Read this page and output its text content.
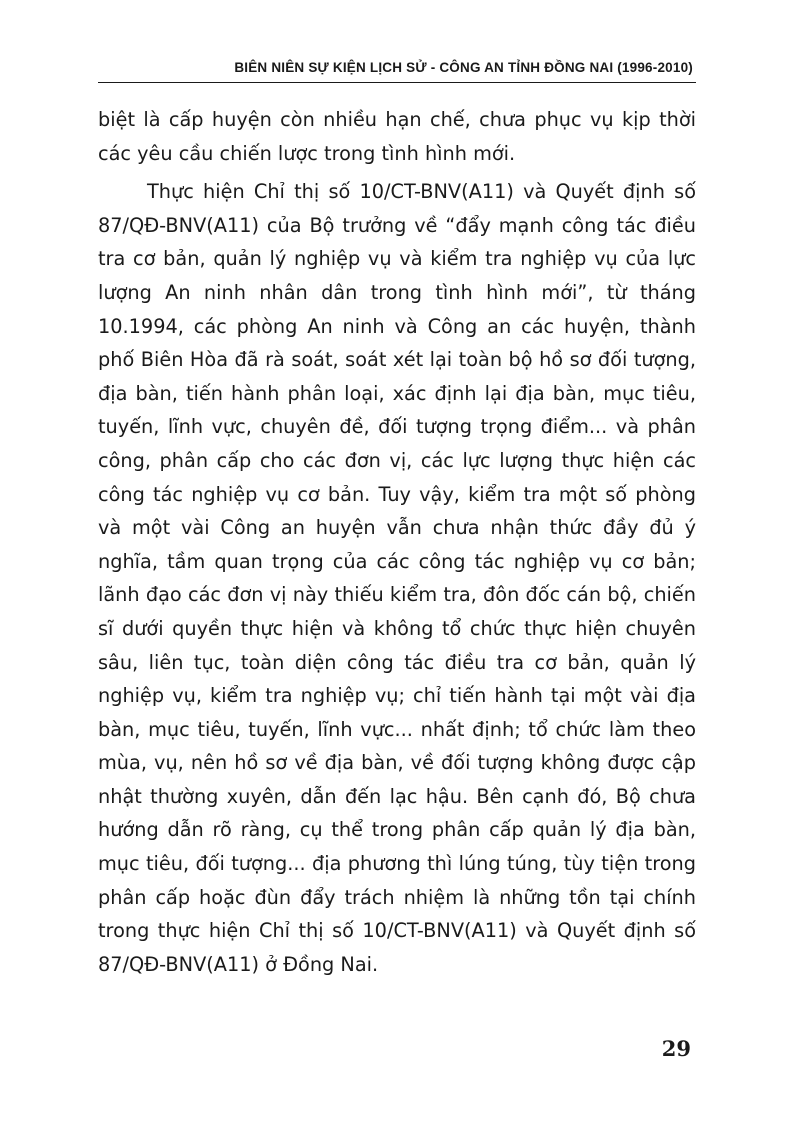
BIÊN NIÊN SỰ KIỆN LỊCH SỬ - CÔNG AN TỈNH ĐỒNG NAI (1996-2010)

biệt là cấp huyện còn nhiều hạn chế, chưa phục vụ kịp thời các yêu cầu chiến lược trong tình hình mới.

Thực hiện Chỉ thị số 10/CT-BNV(A11) và Quyết định số 87/QĐ-BNV(A11) của Bộ trưởng về “đẩy mạnh công tác điều tra cơ bản, quản lý nghiệp vụ và kiểm tra nghiệp vụ của lực lượng An ninh nhân dân trong tình hình mới”, từ tháng 10.1994, các phòng An ninh và Công an các huyện, thành phố Biên Hòa đã rà soát, soát xét lại toàn bộ hồ sơ đối tượng, địa bàn, tiến hành phân loại, xác định lại địa bàn, mục tiêu, tuyến, lĩnh vực, chuyên đề, đối tượng trọng điểm... và phân công, phân cấp cho các đơn vị, các lực lượng thực hiện các công tác nghiệp vụ cơ bản. Tuy vậy, kiểm tra một số phòng và một vài Công an huyện vẫn chưa nhận thức đầy đủ ý nghĩa, tầm quan trọng của các công tác nghiệp vụ cơ bản; lãnh đạo các đơn vị này thiếu kiểm tra, đôn đốc cán bộ, chiến sĩ dưới quyền thực hiện và không tổ chức thực hiện chuyên sâu, liên tục, toàn diện công tác điều tra cơ bản, quản lý nghiệp vụ, kiểm tra nghiệp vụ; chỉ tiến hành tại một vài địa bàn, mục tiêu, tuyến, lĩnh vực... nhất định; tổ chức làm theo mùa, vụ, nên hồ sơ về địa bàn, về đối tượng không được cập nhật thường xuyên, dẫn đến lạc hậu. Bên cạnh đó, Bộ chưa hướng dẫn rõ ràng, cụ thể trong phân cấp quản lý địa bàn, mục tiêu, đối tượng... địa phương thì lúng túng, tùy tiện trong phân cấp hoặc đùn đẩy trách nhiệm là những tồn tại chính trong thực hiện Chỉ thị số 10/CT-BNV(A11) và Quyết định số 87/QĐ-BNV(A11) ở Đồng Nai.

29
